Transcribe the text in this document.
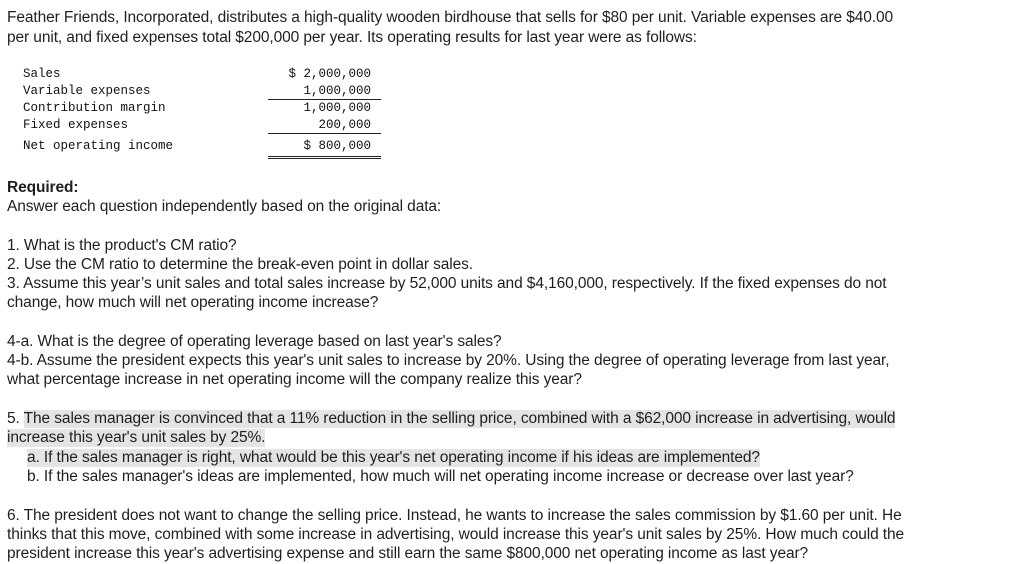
Feather Friends, Incorporated, distributes a high-quality wooden birdhouse that sells for $80 per unit. Variable expenses are $40.00
per unit, and fixed expenses total $200,000 per year. Its operating results for last year were as follows:
Sales	$ 2,000,000
Variable expenses	1,000,000
Contribution margin	1,000,000
Fixed expenses	200,000
Net operating income	$ 800,000
Required:
Answer each question independently based on the original data:
1. What is the product's CM ratio?
2. Use the CM ratio to determine the break-even point in dollar sales.
3. Assume this year’s unit sales and total sales increase by 52,000 units and $4,160,000, respectively. If the fixed expenses do not
change, how much will net operating income increase?
4-a. What is the degree of operating leverage based on last year's sales?
4-b. Assume the president expects this year's unit sales to increase by 20%. Using the degree of operating leverage from last year,
what percentage increase in net operating income will the company realize this year?
5. The sales manager is convinced that a 11% reduction in the selling price, combined with a $62,000 increase in advertising, would
increase this year's unit sales by 25%.
a. If the sales manager is right, what would be this year's net operating income if his ideas are implemented?
b. If the sales manager's ideas are implemented, how much will net operating income increase or decrease over last year?
6. The president does not want to change the selling price. Instead, he wants to increase the sales commission by $1.60 per unit. He
thinks that this move, combined with some increase in advertising, would increase this year's unit sales by 25%. How much could the
president increase this year's advertising expense and still earn the same $800,000 net operating income as last year?
